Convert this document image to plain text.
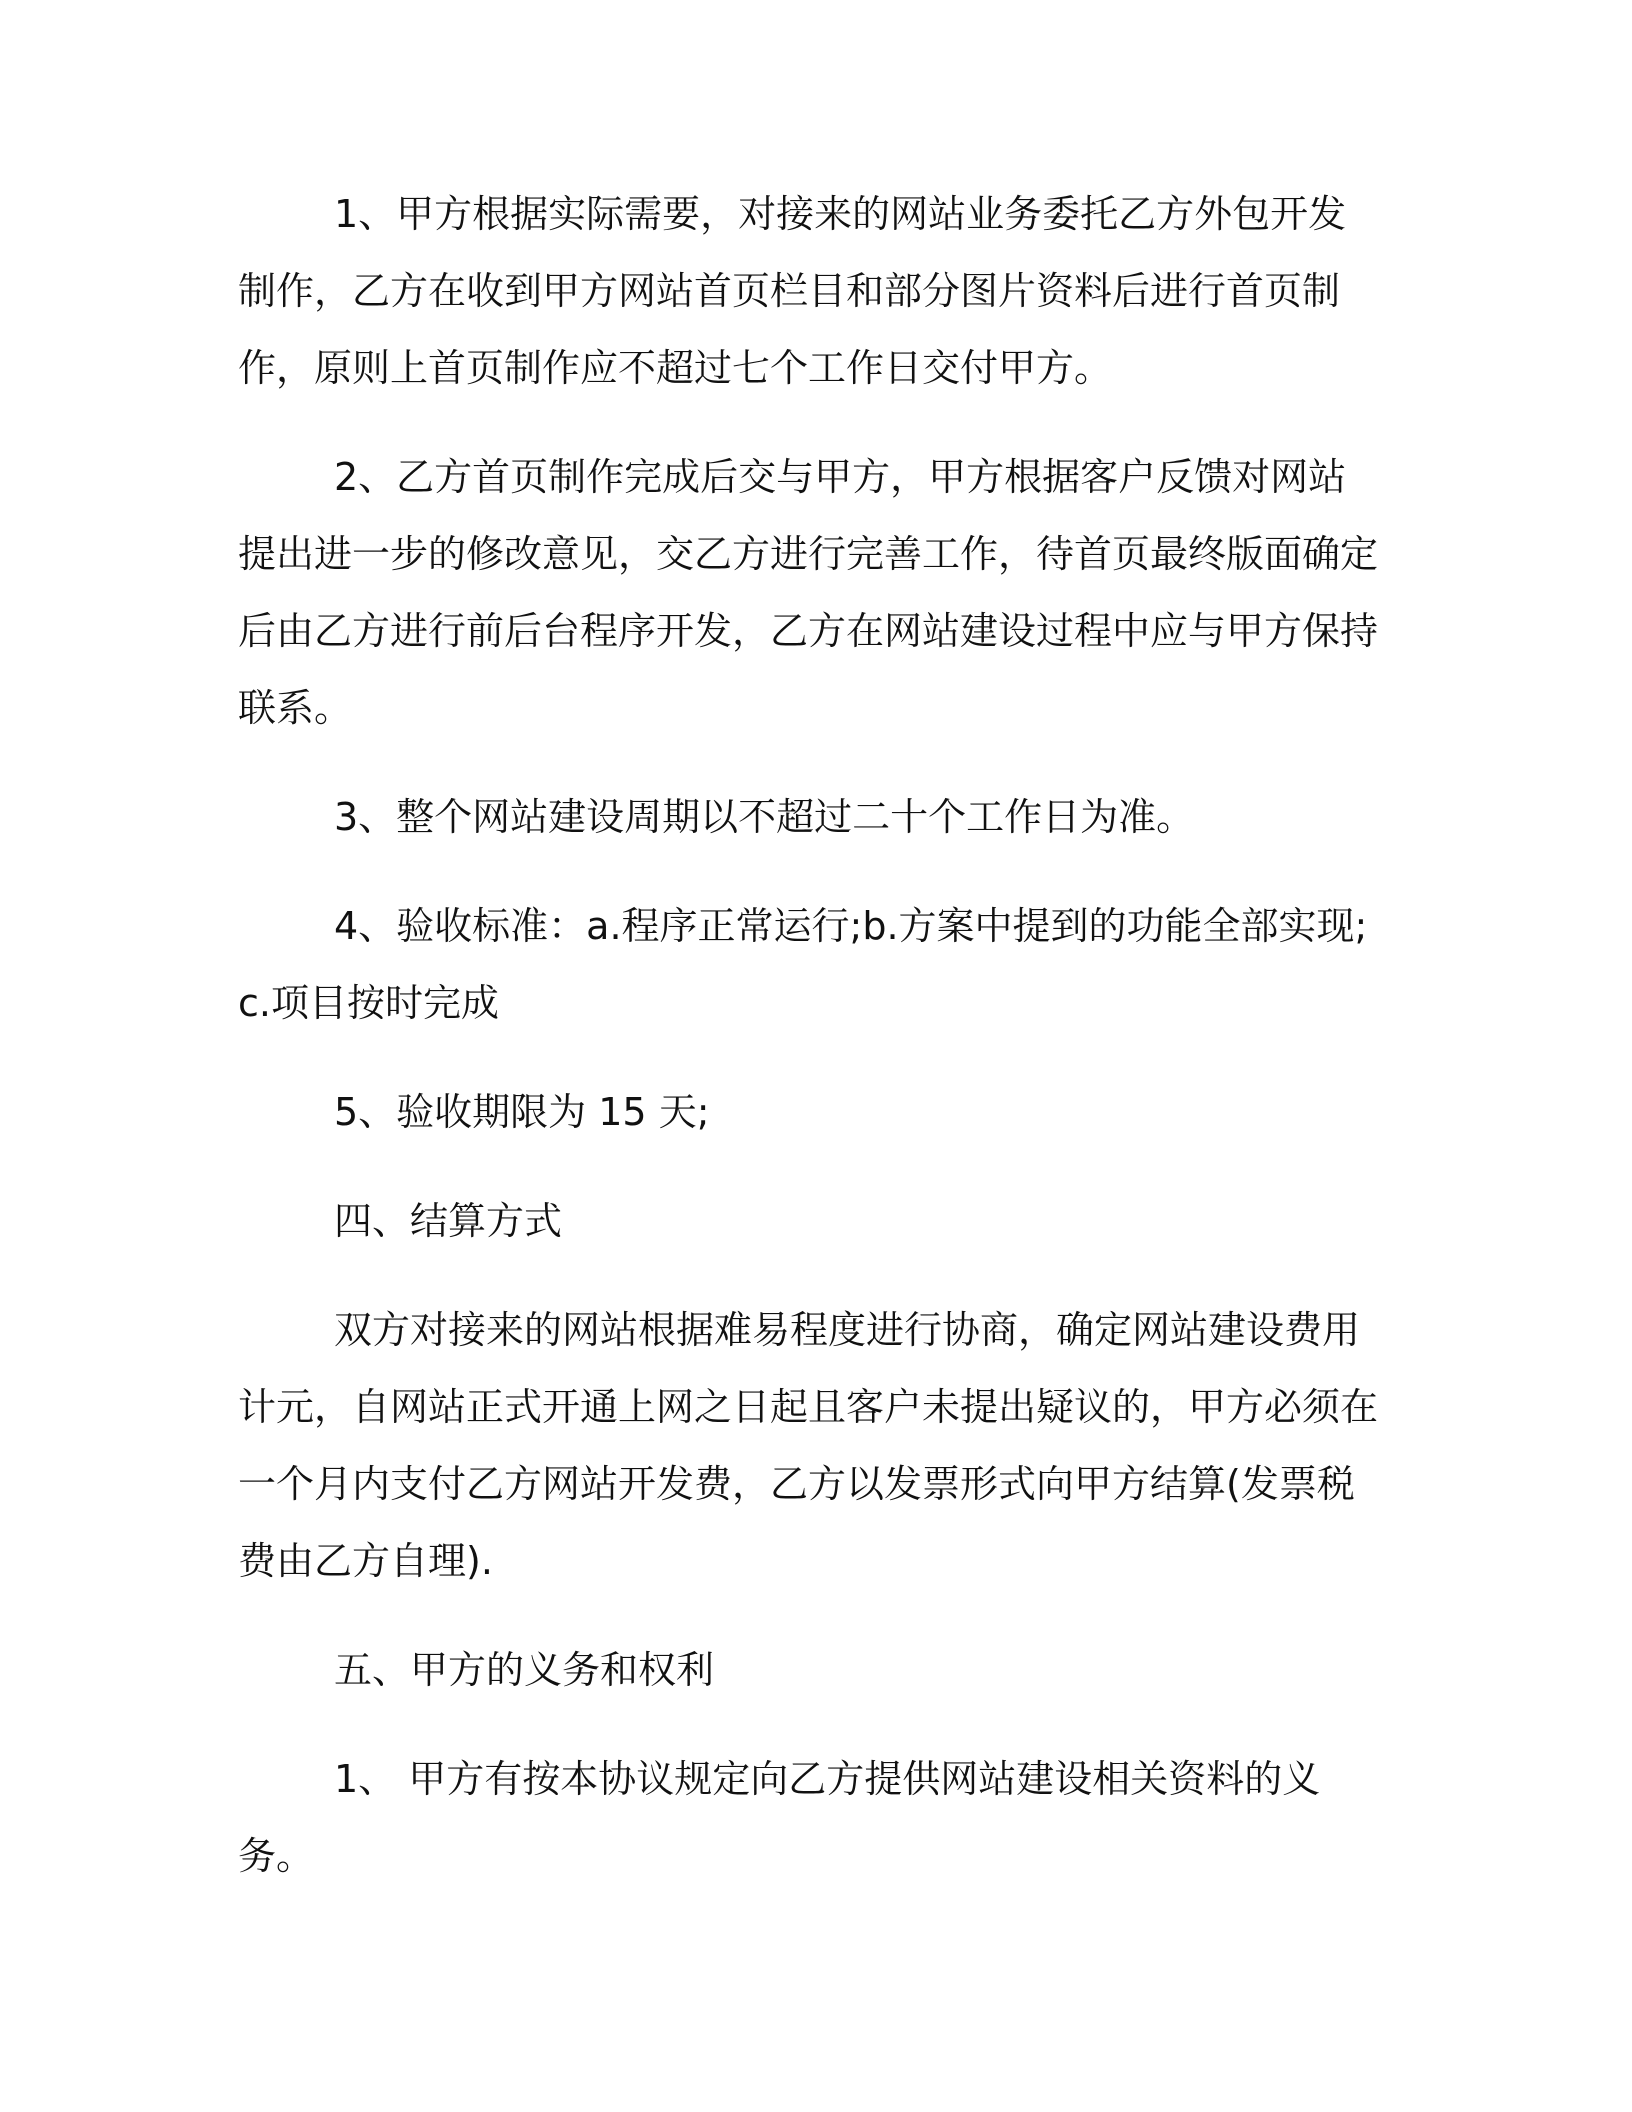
1、甲方根据实际需要，对接来的网站业务委托乙方外包开发制作，乙方在收到甲方网站首页栏目和部分图片资料后进行首页制作，原则上首页制作应不超过七个工作日交付甲方。

2、乙方首页制作完成后交与甲方，甲方根据客户反馈对网站提出进一步的修改意见，交乙方进行完善工作，待首页最终版面确定后由乙方进行前后台程序开发，乙方在网站建设过程中应与甲方保持联系。

3、整个网站建设周期以不超过二十个工作日为准。

4、验收标准：a.程序正常运行;b.方案中提到的功能全部实现;c.项目按时完成

5、验收期限为 15 天;

四、结算方式

双方对接来的网站根据难易程度进行协商，确定网站建设费用计元，自网站正式开通上网之日起且客户未提出疑议的，甲方必须在一个月内支付乙方网站开发费，乙方以发票形式向甲方结算(发票税费由乙方自理).

五、甲方的义务和权利

1、 甲方有按本协议规定向乙方提供网站建设相关资料的义务。
